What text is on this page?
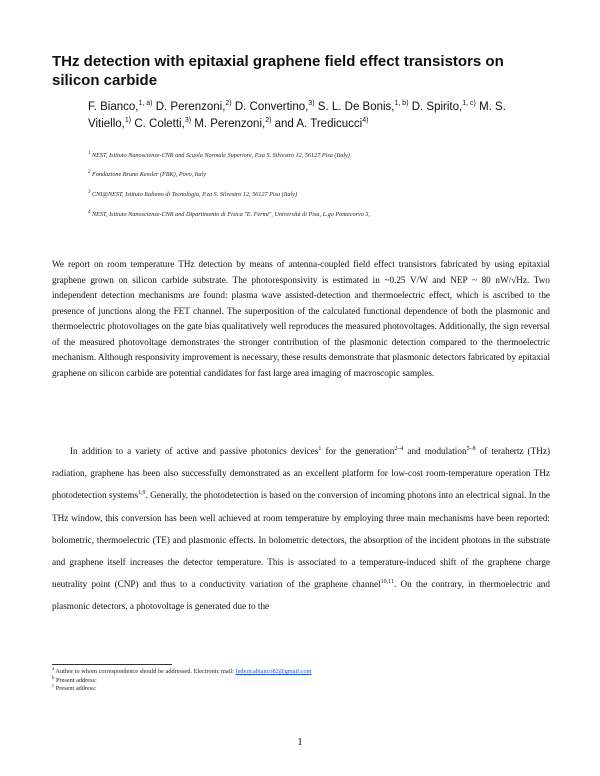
THz detection with epitaxial graphene field effect transistors on silicon carbide
F. Bianco,$^{1, a)}$ D. Perenzoni,$^{2)}$ D. Convertino,$^{3)}$ S. L. De Bonis,$^{1, b)}$ D. Spirito,$^{1, c)}$ M. S. Vitiello,$^{1)}$ C. Coletti,$^{3)}$ M. Perenzoni,$^{2)}$ and A. Tredicucci$^{4)}$
$^1$ NEST, Istituto Nanoscienze-CNR and Scuola Normale Superiore, P.za S. Silvestro 12, 56127 Pisa (Italy)
$^2$ Fondazione Bruno Kessler (FBK), Povo, Italy
$^3$ CNI@NEST, Istituto Italiano di Tecnologia, P.za S. Silvestro 12, 56127 Pisa (Italy)
$^4$ NEST, Istituto Nanoscienze-CNR and Dipartimento di Fisica "E. Fermi", Università di Pisa, L.go Pontecorvo 3,
We report on room temperature THz detection by means of antenna-coupled field effect transistors fabricated by using epitaxial graphene grown on silicon carbide substrate. The photoresponsivity is estimated in ~0.25 V/W and NEP ~ 80 nW/√Hz. Two independent detection mechanisms are found: plasma wave assisted-detection and thermoelectric effect, which is ascribed to the presence of junctions along the FET channel. The superposition of the calculated functional dependence of both the plasmonic and thermoelectric photovoltages on the gate bias qualitatively well reproduces the measured photovoltages. Additionally, the sign reversal of the measured photovoltage demonstrates the stronger contribution of the plasmonic detection compared to the thermoelectric mechanism. Although responsivity improvement is necessary, these results demonstrate that plasmonic detectors fabricated by epitaxial graphene on silicon carbide are potential candidates for fast large area imaging of macroscopic samples.

In addition to a variety of active and passive photonics devices$^1$ for the generation$^{2-4}$ and modulation$^{5-8}$ of terahertz (THz) radiation, graphene has been also successfully demonstrated as an excellent platform for low-cost room-temperature operation THz photodetection systems$^{1,9}$. Generally, the photodetection is based on the conversion of incoming photons into an electrical signal. In the THz window, this conversion has been well achieved at room temperature by employing three main mechanisms have been reported: bolometric, thermoelectric (TE) and plasmonic effects. In bolometric detectors, the absorption of the incident photons in the substrate and graphene itself increases the detector temperature. This is associated to a temperature-induced shift of the graphene charge neutrality point (CNP) and thus to a conductivity variation of the graphene channel$^{10,11}$. On the contrary, in thermoelectric and plasmonic detectors, a photovoltage is generated due to the

$^a$ Author to whom correspondence should be addressed. Electronic mail: federicabianco82@gmail.com
$^b$ Present address:
$^c$ Present address:
1
